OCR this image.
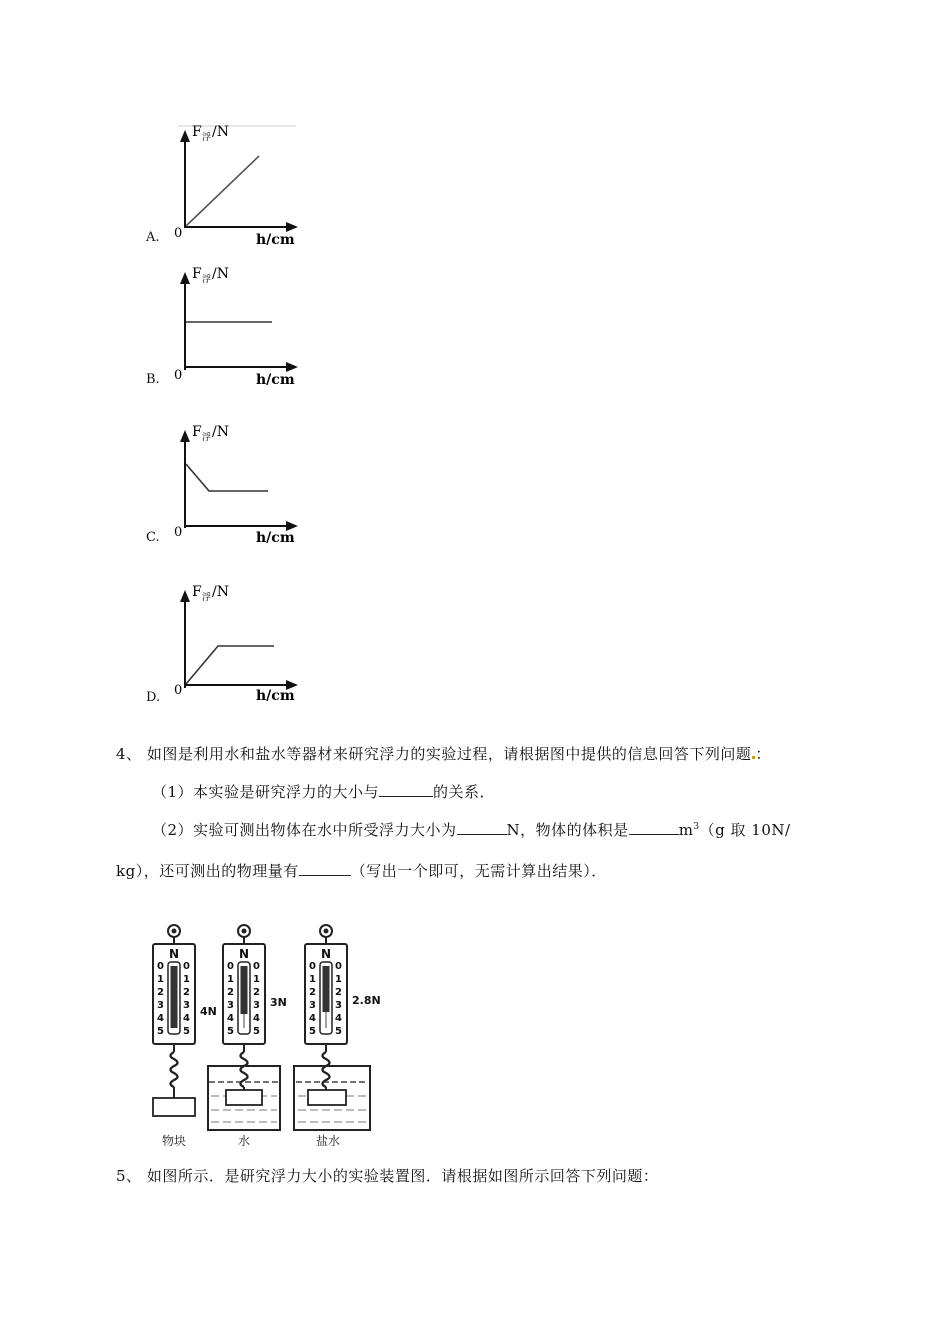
F 浮 /N
0	h/cm
A.
F 浮 /N
0	h/cm
B.
F 浮 /N
0	h/cm
C.
F 浮 /N
0	h/cm
D.
4、 如图是利用水和盐水等器材来研究浮力的实验过程，请根据图中提供的信息回答下列问题 ：
（1）本实验是研究浮力的大小与	的关系．
（2）实验可测出物体在水中所受浮力大小为	N，物体的体积是	$m^3(g$ 取 10N/
kg），还可测出的物理量有	（写出一个即可，无需计算出结果）．
N	N	N
0 0
1 1
2 2
3 3
4 4
5 5
0 0
1 1
2 2
3 3
4 4
5 5
0 0
1 1
2 2
3 3
4 4
5 5
4N
3N	2.8N
物块	水	盐水
5、 如图所示．是研究浮力大小的实验装置图．请根据如图所示回答下列问题：
